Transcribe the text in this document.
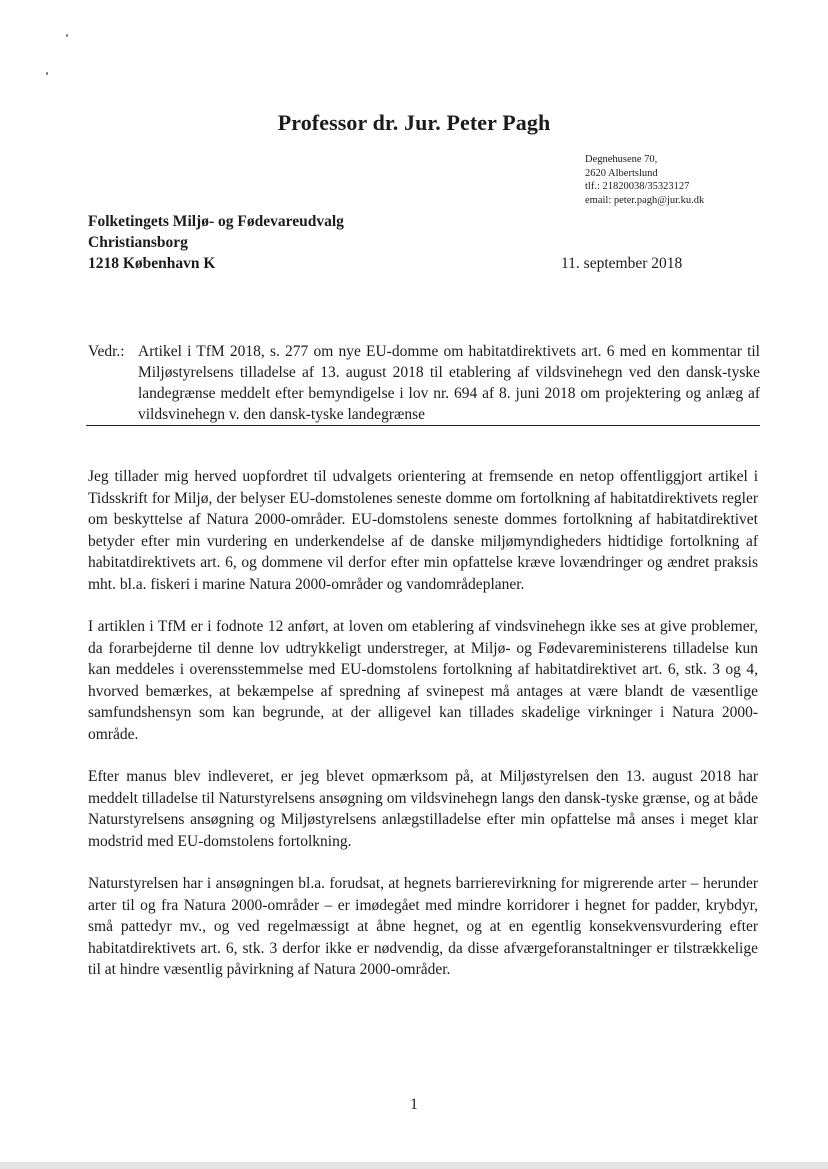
Professor dr. Jur. Peter Pagh
Degnehusene 70,
2620 Albertslund
tlf.: 21820038/35323127
email: peter.pagh@jur.ku.dk
Folketingets Miljø- og Fødevareudvalg
Christiansborg
1218 København K	11. september 2018
Vedr.: Artikel i TfM 2018, s. 277 om nye EU-domme om habitatdirektivets art. 6 med en kommentar til Miljøstyrelsens tilladelse af 13. august 2018 til etablering af vildsvinehegn ved den dansk-tyske landegrænse meddelt efter bemyndigelse i lov nr. 694 af 8. juni 2018 om projektering og anlæg af vildsvinehegn v. den dansk-tyske landegrænse

Jeg tillader mig herved uopfordret til udvalgets orientering at fremsende en netop offentliggjort artikel i Tidsskrift for Miljø, der belyser EU-domstolenes seneste domme om fortolkning af habitatdirektivets regler om beskyttelse af Natura 2000-områder. EU-domstolens seneste dommes fortolkning af habitatdirektivet betyder efter min vurdering en underkendelse af de danske miljømyndigheders hidtidige fortolkning af habitatdirektivets art. 6, og dommene vil derfor efter min opfattelse kræve lovændringer og ændret praksis mht. bl.a. fiskeri i marine Natura 2000-områder og vandområdeplaner.

I artiklen i TfM er i fodnote 12 anført, at loven om etablering af vindsvinehegn ikke ses at give problemer, da forarbejderne til denne lov udtrykkeligt understreger, at Miljø- og Fødevareministerens tilladelse kun kan meddeles i overensstemmelse med EU-domstolens fortolkning af habitatdirektivet art. 6, stk. 3 og 4, hvorved bemærkes, at bekæmpelse af spredning af svinepest må antages at være blandt de væsentlige samfundshensyn som kan begrunde, at der alligevel kan tillades skadelige virkninger i Natura 2000-område.

Efter manus blev indleveret, er jeg blevet opmærksom på, at Miljøstyrelsen den 13. august 2018 har meddelt tilladelse til Naturstyrelsens ansøgning om vildsvinehegn langs den dansk-tyske grænse, og at både Naturstyrelsens ansøgning og Miljøstyrelsens anlægstilladelse efter min opfattelse må anses i meget klar modstrid med EU-domstolens fortolkning.

Naturstyrelsen har i ansøgningen bl.a. forudsat, at hegnets barrierevirkning for migrerende arter – herunder arter til og fra Natura 2000-områder – er imødegået med mindre korridorer i hegnet for padder, krybdyr, små pattedyr mv., og ved regelmæssigt at åbne hegnet, og at en egentlig konsekvensvurdering efter habitatdirektivets art. 6, stk. 3 derfor ikke er nødvendig, da disse afværgeforanstaltninger er tilstrækkelige til at hindre væsentlig påvirkning af Natura 2000-områder.

1
